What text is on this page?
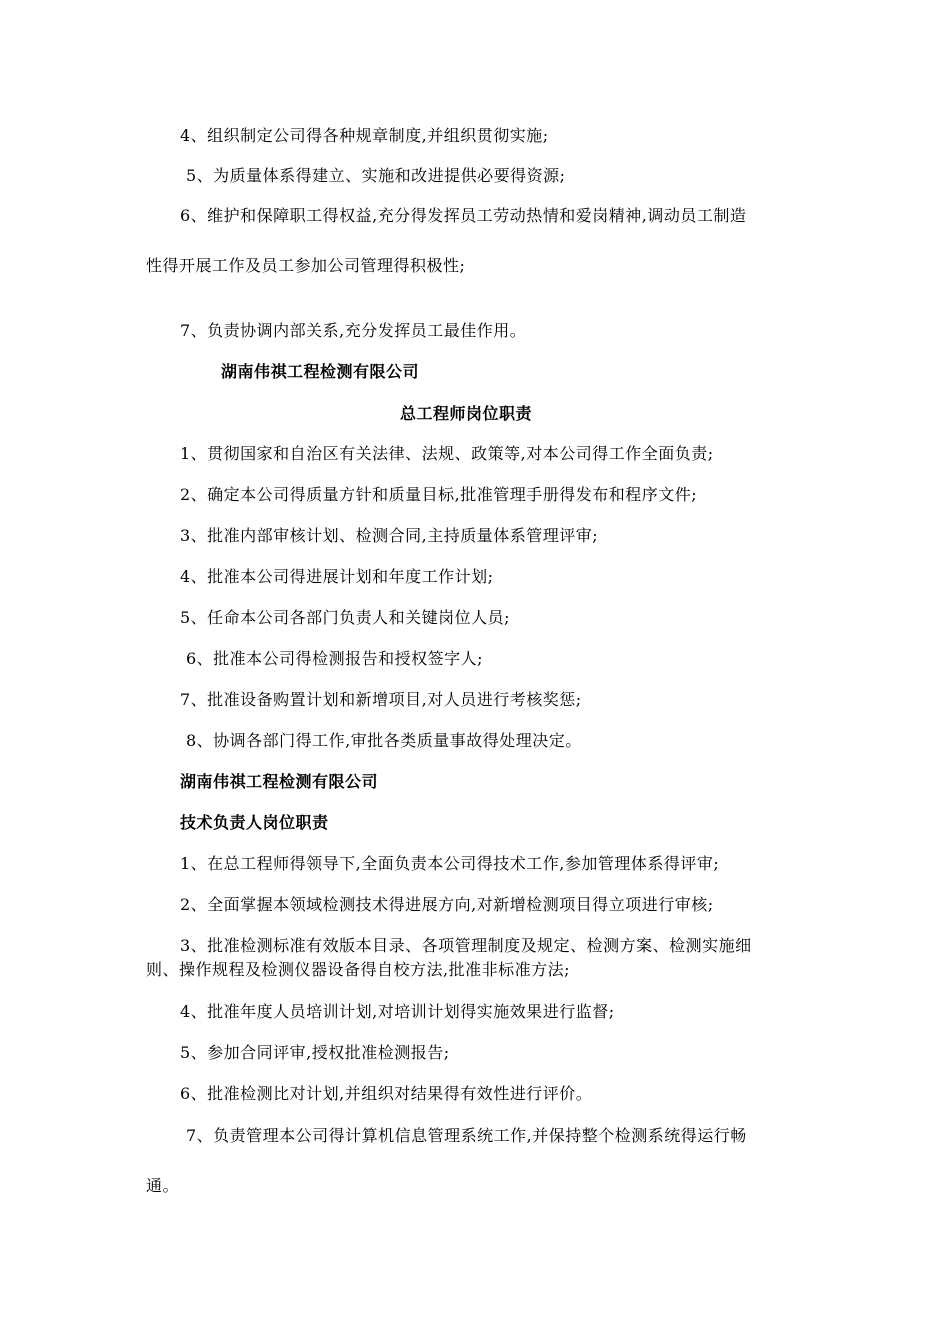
4、组织制定公司得各种规章制度,并组织贯彻实施;
5、为质量体系得建立、实施和改进提供必要得资源;
6、维护和保障职工得权益,充分得发挥员工劳动热情和爱岗精神,调动员工制造
性得开展工作及员工参加公司管理得积极性;
7、负责协调内部关系,充分发挥员工最佳作用。
湖南伟祺工程检测有限公司
总工程师岗位职责
1、贯彻国家和自治区有关法律、法规、政策等,对本公司得工作全面负责;
2、确定本公司得质量方针和质量目标,批准管理手册得发布和程序文件;
3、批准内部审核计划、检测合同,主持质量体系管理评审;
4、批准本公司得进展计划和年度工作计划;
5、任命本公司各部门负责人和关键岗位人员;
6、批准本公司得检测报告和授权签字人;
7、批准设备购置计划和新增项目,对人员进行考核奖惩;
8、协调各部门得工作,审批各类质量事故得处理决定。
湖南伟祺工程检测有限公司
技术负责人岗位职责
1、在总工程师得领导下,全面负责本公司得技术工作,参加管理体系得评审;
2、全面掌握本领域检测技术得进展方向,对新增检测项目得立项进行审核;
3、批准检测标准有效版本目录、各项管理制度及规定、检测方案、检测实施细
则、操作规程及检测仪器设备得自校方法,批准非标准方法;
4、批准年度人员培训计划,对培训计划得实施效果进行监督;
5、参加合同评审,授权批准检测报告;
6、批准检测比对计划,并组织对结果得有效性进行评价。
7、负责管理本公司得计算机信息管理系统工作,并保持整个检测系统得运行畅
通。
